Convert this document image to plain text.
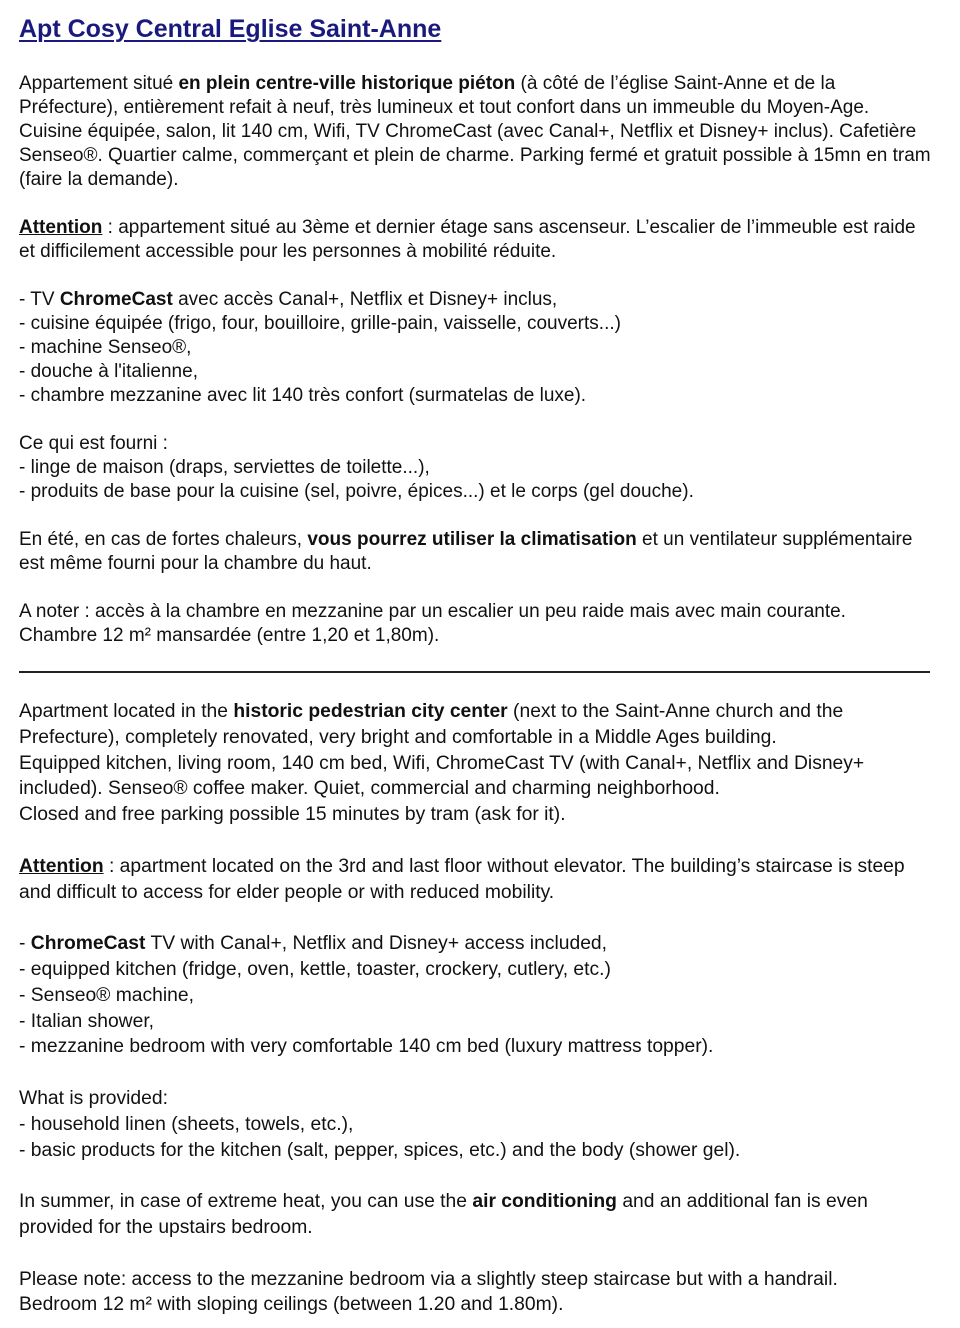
Apt Cosy Central Eglise Saint-Anne

Appartement situé en plein centre-ville historique piéton (à côté de l’église Saint-Anne et de la Préfecture), entièrement refait à neuf, très lumineux et tout confort dans un immeuble du Moyen-Age. Cuisine équipée, salon, lit 140 cm, Wifi, TV ChromeCast (avec Canal+, Netflix et Disney+ inclus). Cafetière Senseo®. Quartier calme, commerçant et plein de charme. Parking fermé et gratuit possible à 15mn en tram (faire la demande).

Attention : appartement situé au 3ème et dernier étage sans ascenseur. L’escalier de l’immeuble est raide et difficilement accessible pour les personnes à mobilité réduite.

- TV ChromeCast avec accès Canal+, Netflix et Disney+ inclus,

- cuisine équipée (frigo, four, bouilloire, grille-pain, vaisselle, couverts...)

- machine Senseo®,

- douche à l'italienne,

- chambre mezzanine avec lit 140 très confort (surmatelas de luxe).

Ce qui est fourni :

- linge de maison (draps, serviettes de toilette...),

- produits de base pour la cuisine (sel, poivre, épices...) et le corps (gel douche).

En été, en cas de fortes chaleurs, vous pourrez utiliser la climatisation et un ventilateur supplémentaire est même fourni pour la chambre du haut.

A noter : accès à la chambre en mezzanine par un escalier un peu raide mais avec main courante.

Chambre 12 m² mansardée (entre 1,20 et 1,80m).

Apartment located in the historic pedestrian city center (next to the Saint-Anne church and the Prefecture), completely renovated, very bright and comfortable in a Middle Ages building.

Equipped kitchen, living room, 140 cm bed, Wifi, ChromeCast TV (with Canal+, Netflix and Disney+ included). Senseo® coffee maker. Quiet, commercial and charming neighborhood.

Closed and free parking possible 15 minutes by tram (ask for it).

Attention : apartment located on the 3rd and last floor without elevator. The building’s staircase is steep and difficult to access for elder people or with reduced mobility.

- ChromeCast TV with Canal+, Netflix and Disney+ access included,

- equipped kitchen (fridge, oven, kettle, toaster, crockery, cutlery, etc.)

- Senseo® machine,

- Italian shower,

- mezzanine bedroom with very comfortable 140 cm bed (luxury mattress topper).

What is provided:

- household linen (sheets, towels, etc.),

- basic products for the kitchen (salt, pepper, spices, etc.) and the body (shower gel).

In summer, in case of extreme heat, you can use the air conditioning and an additional fan is even provided for the upstairs bedroom.

Please note: access to the mezzanine bedroom via a slightly steep staircase but with a handrail.

Bedroom 12 m² with sloping ceilings (between 1.20 and 1.80m).
